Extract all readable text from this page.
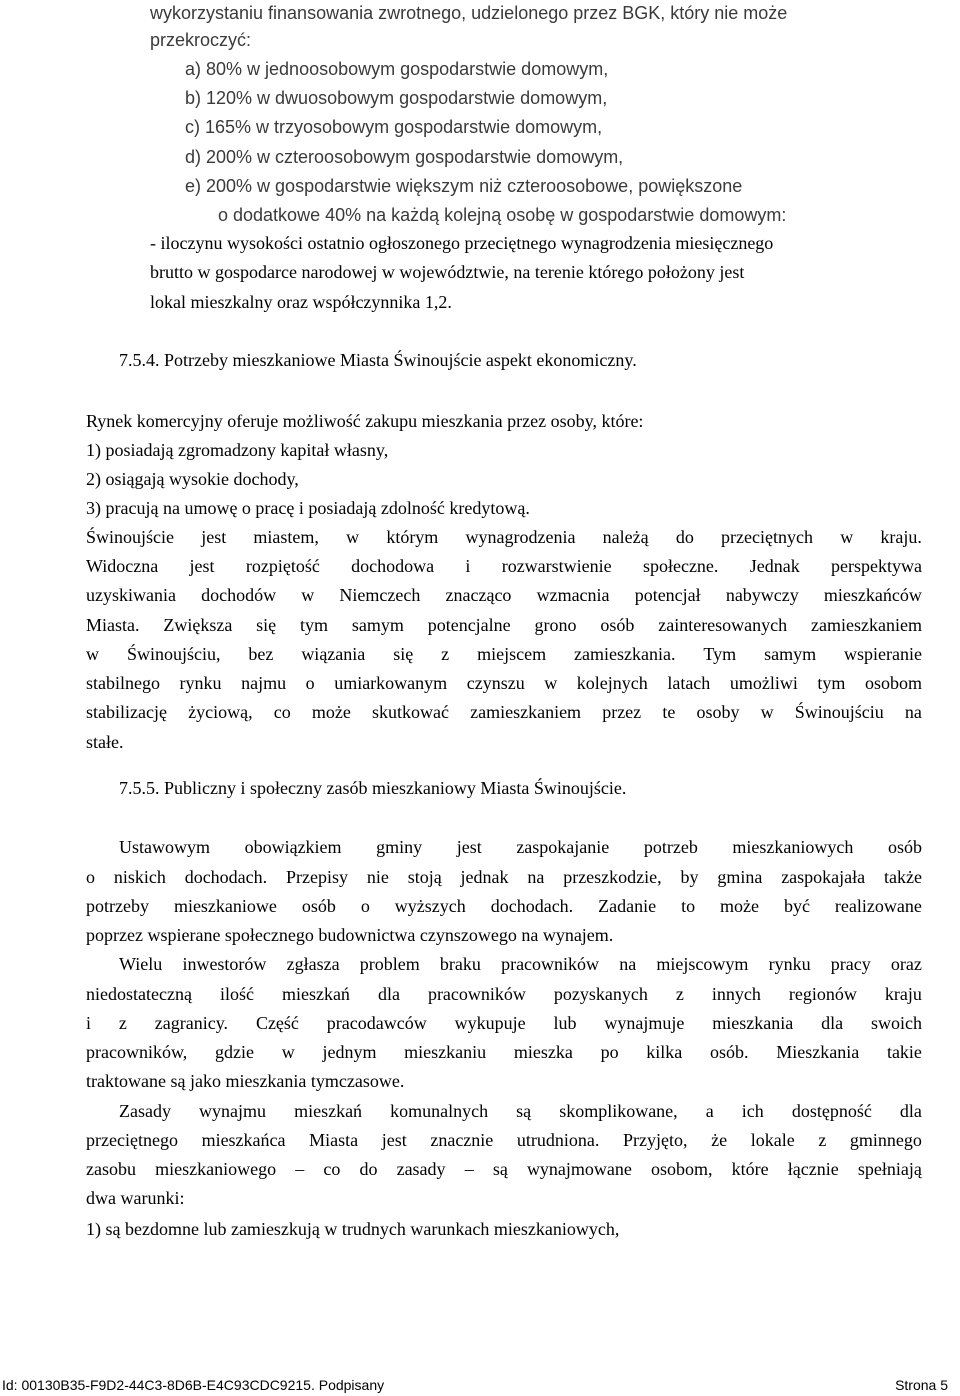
wykorzystaniu finansowania zwrotnego, udzielonego przez BGK, który nie może
przekroczyć:
a) 80% w jednoosobowym gospodarstwie domowym,
b) 120% w dwuosobowym gospodarstwie domowym,
c) 165% w trzyosobowym gospodarstwie domowym,
d) 200% w czteroosobowym gospodarstwie domowym,
e) 200% w gospodarstwie większym niż czteroosobowe, powiększone
o dodatkowe 40% na każdą kolejną osobę w gospodarstwie domowym:
- iloczynu wysokości ostatnio ogłoszonego przeciętnego wynagrodzenia miesięcznego
brutto w gospodarce narodowej w województwie, na terenie którego położony jest
lokal mieszkalny oraz współczynnika 1,2.
7.5.4. Potrzeby mieszkaniowe Miasta Świnoujście aspekt ekonomiczny.
Rynek komercyjny oferuje możliwość zakupu mieszkania przez osoby, które:
1) posiadają zgromadzony kapitał własny,
2) osiągają wysokie dochody,
3) pracują na umowę o pracę i posiadają zdolność kredytową.
Świnoujście jest miastem, w którym wynagrodzenia należą do przeciętnych w kraju.
Widoczna jest rozpiętość dochodowa i rozwarstwienie społeczne. Jednak perspektywa
uzyskiwania dochodów w Niemczech znacząco wzmacnia potencjał nabywczy mieszkańców
Miasta. Zwiększa się tym samym potencjalne grono osób zainteresowanych zamieszkaniem
w Świnoujściu, bez wiązania się z miejscem zamieszkania. Tym samym wspieranie
stabilnego rynku najmu o umiarkowanym czynszu w kolejnych latach umożliwi tym osobom
stabilizację życiową, co może skutkować zamieszkaniem przez te osoby w Świnoujściu na
stałe.
7.5.5. Publiczny i społeczny zasób mieszkaniowy Miasta Świnoujście.
Ustawowym obowiązkiem gminy jest zaspokajanie potrzeb mieszkaniowych osób
o niskich dochodach. Przepisy nie stoją jednak na przeszkodzie, by gmina zaspokajała także
potrzeby mieszkaniowe osób o wyższych dochodach. Zadanie to może być realizowane
poprzez wspierane społecznego budownictwa czynszowego na wynajem.
Wielu inwestorów zgłasza problem braku pracowników na miejscowym rynku pracy oraz
niedostateczną ilość mieszkań dla pracowników pozyskanych z innych regionów kraju
i z zagranicy. Część pracodawców wykupuje lub wynajmuje mieszkania dla swoich
pracowników, gdzie w jednym mieszkaniu mieszka po kilka osób. Mieszkania takie
traktowane są jako mieszkania tymczasowe.
Zasady wynajmu mieszkań komunalnych są skomplikowane, a ich dostępność dla
przeciętnego mieszkańca Miasta jest znacznie utrudniona. Przyjęto, że lokale z gminnego
zasobu mieszkaniowego – co do zasady – są wynajmowane osobom, które łącznie spełniają
dwa warunki:
1) są bezdomne lub zamieszkują w trudnych warunkach mieszkaniowych,
Id: 00130B35-F9D2-44C3-8D6B-E4C93CDC9215. Podpisany	Strona 5
